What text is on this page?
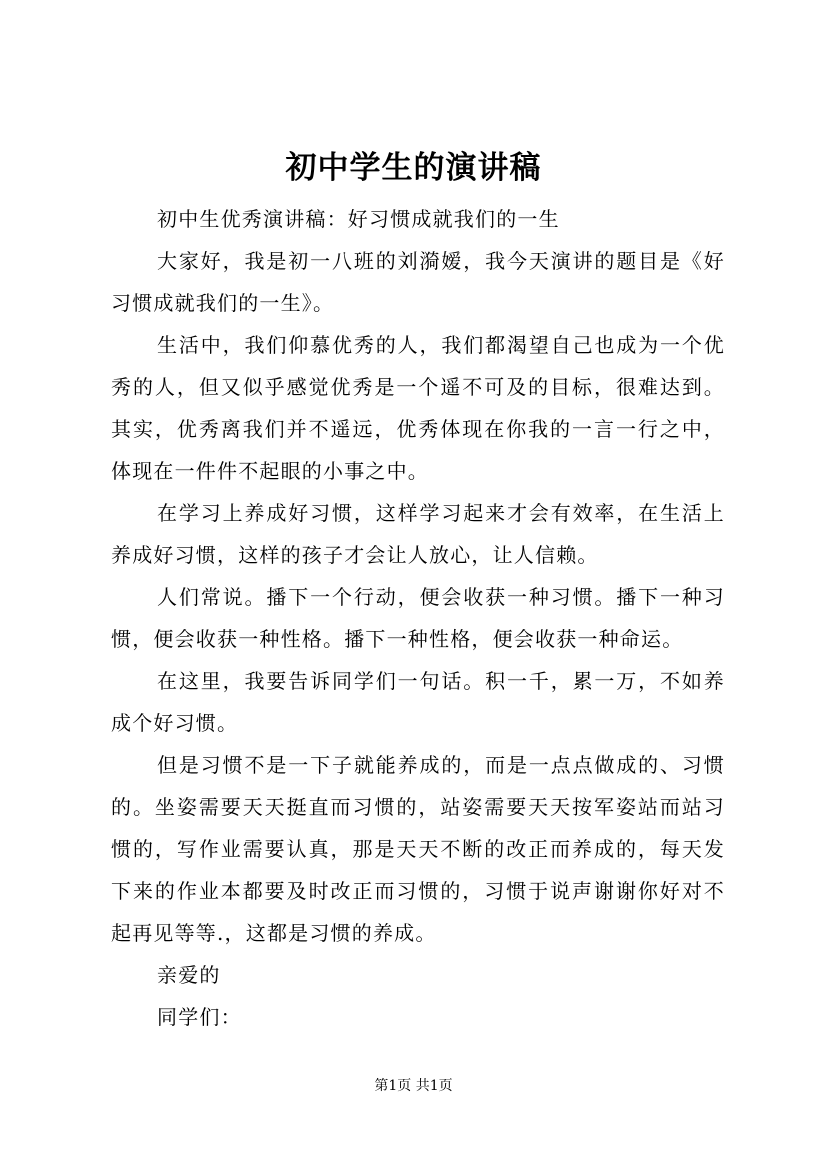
初中学生的演讲稿

初中生优秀演讲稿：好习惯成就我们的一生

大家好，我是初一八班的刘漪嫒，我今天演讲的题目是《好习惯成就我们的一生》。

生活中，我们仰慕优秀的人，我们都渴望自己也成为一个优秀的人，但又似乎感觉优秀是一个遥不可及的目标，很难达到。其实，优秀离我们并不遥远，优秀体现在你我的一言一行之中，体现在一件件不起眼的小事之中。

在学习上养成好习惯，这样学习起来才会有效率，在生活上养成好习惯，这样的孩子才会让人放心，让人信赖。

人们常说。播下一个行动，便会收获一种习惯。播下一种习惯，便会收获一种性格。播下一种性格，便会收获一种命运。

在这里，我要告诉同学们一句话。积一千，累一万，不如养成个好习惯。

但是习惯不是一下子就能养成的，而是一点点做成的、习惯的。坐姿需要天天挺直而习惯的，站姿需要天天按军姿站而站习惯的，写作业需要认真，那是天天不断的改正而养成的，每天发下来的作业本都要及时改正而习惯的，习惯于说声谢谢你好对不起再见等等.，这都是习惯的养成。

亲爱的

同学们：

第1页 共1页
